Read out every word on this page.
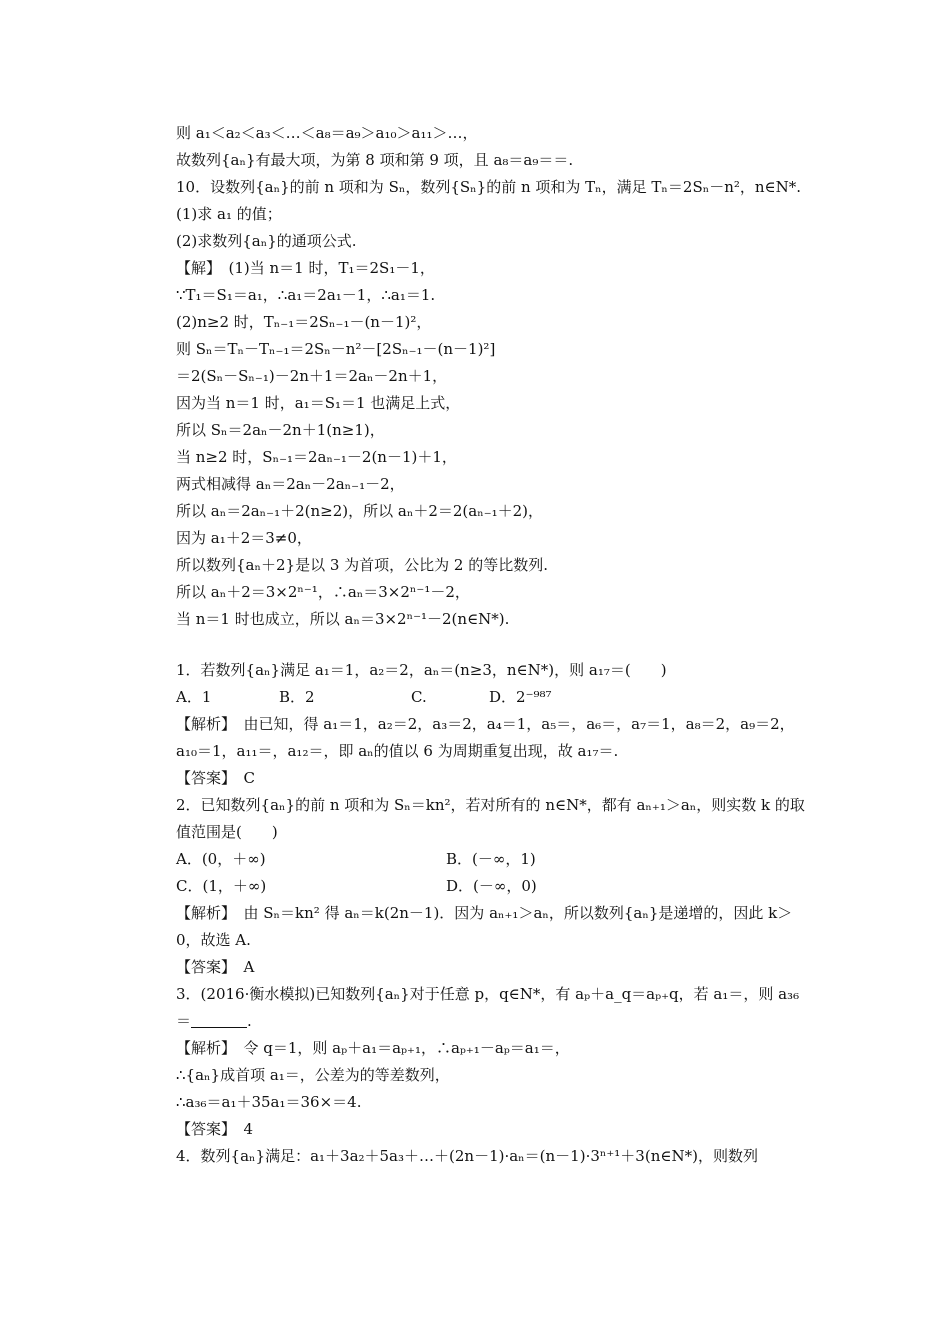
则 a₁＜a₂＜a₃＜…＜a₈＝a₉＞a₁₀＞a₁₁＞…，
故数列{aₙ}有最大项，为第 8 项和第 9 项，且 a₈＝a₉＝＝.
10．设数列{aₙ}的前 n 项和为 Sₙ，数列{Sₙ}的前 n 项和为 Tₙ，满足 Tₙ＝2Sₙ－n²，n∈N*.
(1)求 a₁ 的值；
(2)求数列{aₙ}的通项公式.
【解】　(1)当 n＝1 时，T₁＝2S₁－1，
∵T₁＝S₁＝a₁，∴a₁＝2a₁－1，∴a₁＝1.
(2)n≥2 时，Tₙ₋₁＝2Sₙ₋₁－(n－1)²，
则 Sₙ＝Tₙ－Tₙ₋₁＝2Sₙ－n²－[2Sₙ₋₁－(n－1)²]
＝2(Sₙ－Sₙ₋₁)－2n＋1＝2aₙ－2n＋1，
因为当 n＝1 时，a₁＝S₁＝1 也满足上式，
所以 Sₙ＝2aₙ－2n＋1(n≥1)，
当 n≥2 时，Sₙ₋₁＝2aₙ₋₁－2(n－1)＋1，
两式相减得 aₙ＝2aₙ－2aₙ₋₁－2，
所以 aₙ＝2aₙ₋₁＋2(n≥2)，所以 aₙ＋2＝2(aₙ₋₁＋2)，
因为 a₁＋2＝3≠0，
所以数列{aₙ＋2}是以 3 为首项，公比为 2 的等比数列.
所以 aₙ＋2＝3×2ⁿ⁻¹，∴aₙ＝3×2ⁿ⁻¹－2，
当 n＝1 时也成立，所以 aₙ＝3×2ⁿ⁻¹－2(n∈N*).
1．若数列{aₙ}满足 a₁＝1，a₂＝2，aₙ＝(n≥3，n∈N*)，则 a₁₇＝(　　)
A．1	B．2	C.	D．2⁻⁹⁸⁷
【解析】　由已知，得 a₁＝1，a₂＝2，a₃＝2，a₄＝1，a₅＝，a₆＝，a₇＝1，a₈＝2，a₉＝2，a₁₀＝1，a₁₁＝，a₁₂＝，即 aₙ的值以 6 为周期重复出现，故 a₁₇＝.
【答案】　C
2．已知数列{aₙ}的前 n 项和为 Sₙ＝kn²，若对所有的 n∈N*，都有 aₙ₊₁＞aₙ，则实数 k 的取值范围是(　　)
A．(0，＋∞)	B．(－∞，1)
C．(1，＋∞)	D．(－∞，0)
【解析】　由 Sₙ＝kn² 得 aₙ＝k(2n－1)．因为 aₙ₊₁＞aₙ，所以数列{aₙ}是递增的，因此 k＞0，故选 A.
【答案】　A
3．(2016·衡水模拟)已知数列{aₙ}对于任意 p，q∈N*，有 aₚ＋a_q＝aₚ₊q，若 a₁＝，则 a₃₆＝	.
【解析】　令 q＝1，则 aₚ＋a₁＝aₚ₊₁，∴aₚ₊₁－aₚ＝a₁＝，
∴{aₙ}成首项 a₁＝，公差为的等差数列，
∴a₃₆＝a₁＋35a₁＝36×＝4.
【答案】　4
4．数列{aₙ}满足：a₁＋3a₂＋5a₃＋…＋(2n－1)·aₙ＝(n－1)·3ⁿ⁺¹＋3(n∈N*)，则数列
